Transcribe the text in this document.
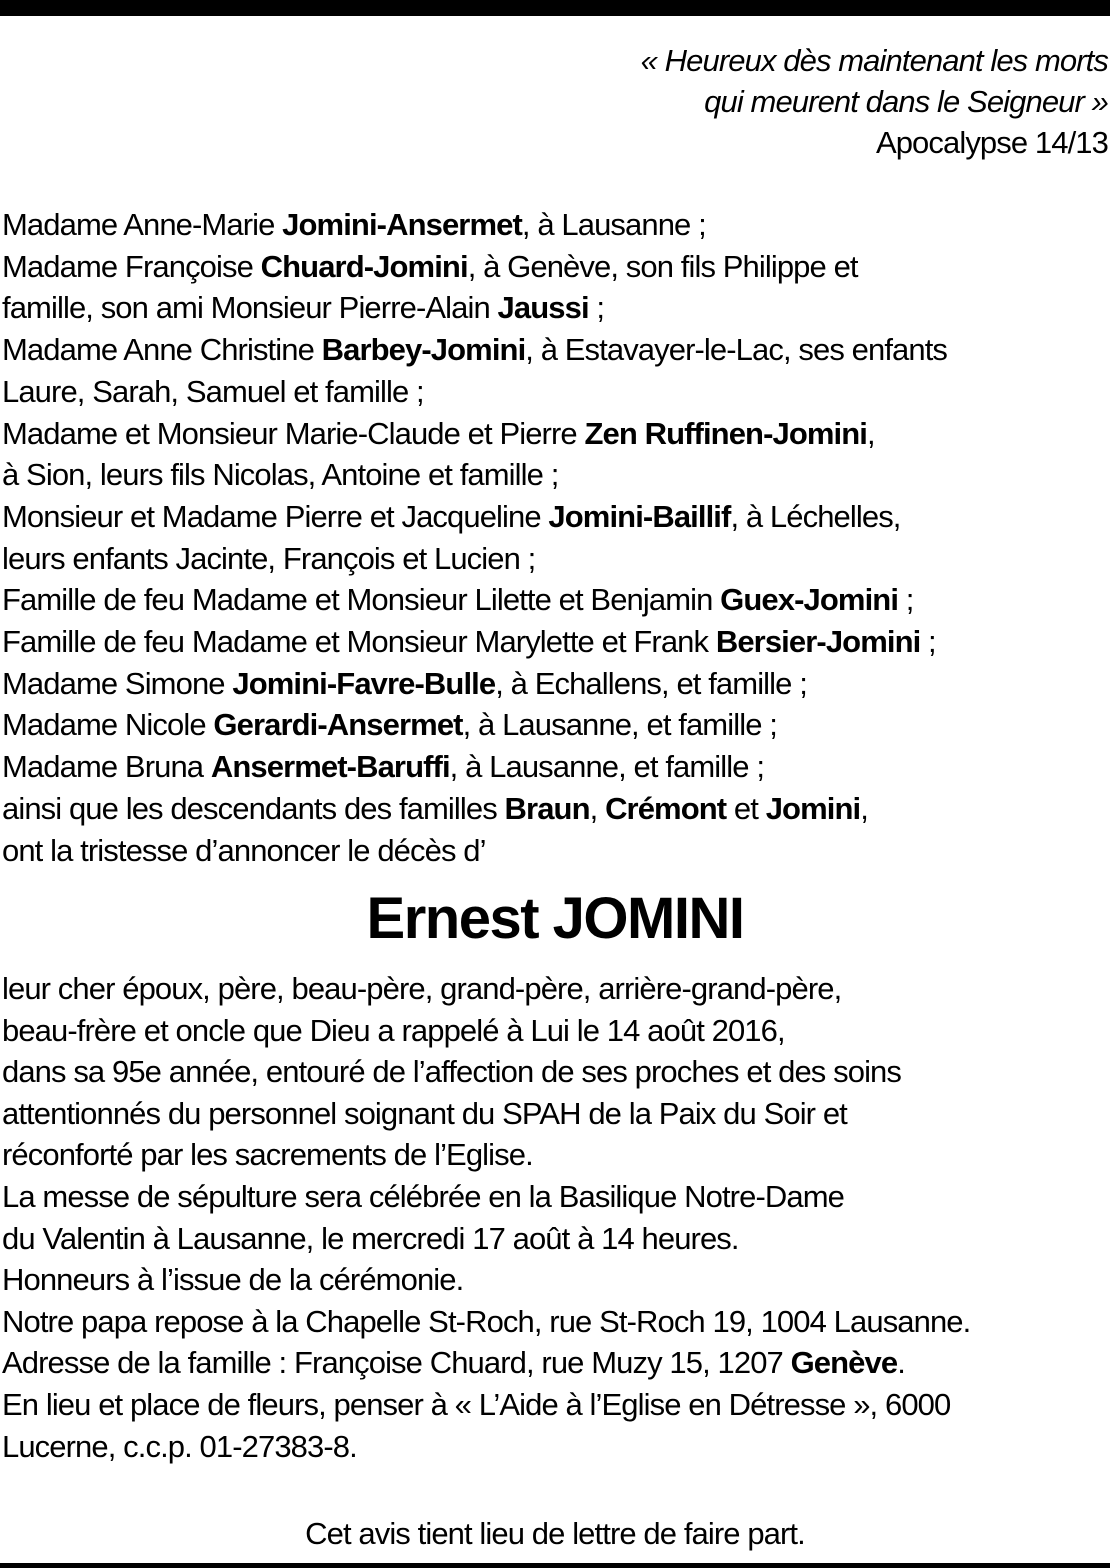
« Heureux dès maintenant les morts
qui meurent dans le Seigneur »
Apocalypse 14/13
Madame Anne-Marie Jomini-Ansermet, à Lausanne ;
Madame Françoise Chuard-Jomini, à Genève, son fils Philippe et
famille, son ami Monsieur Pierre-Alain Jaussi ;
Madame Anne Christine Barbey-Jomini, à Estavayer-le-Lac, ses enfants
Laure, Sarah, Samuel et famille ;
Madame et Monsieur Marie-Claude et Pierre Zen Ruffinen-Jomini,
à Sion, leurs fils Nicolas, Antoine et famille ;
Monsieur et Madame Pierre et Jacqueline Jomini-Baillif, à Léchelles,
leurs enfants Jacinte, François et Lucien ;
Famille de feu Madame et Monsieur Lilette et Benjamin Guex-Jomini ;
Famille de feu Madame et Monsieur Marylette et Frank Bersier-Jomini ;
Madame Simone Jomini-Favre-Bulle, à Echallens, et famille ;
Madame Nicole Gerardi-Ansermet, à Lausanne, et famille ;
Madame Bruna Ansermet-Baruffi, à Lausanne, et famille ;
ainsi que les descendants des familles Braun, Crémont et Jomini,
ont la tristesse d’annoncer le décès d’
Ernest JOMINI
leur cher époux, père, beau-père, grand-père, arrière-grand-père,
beau-frère et oncle que Dieu a rappelé à Lui le 14 août 2016,
dans sa 95e année, entouré de l’affection de ses proches et des soins
attentionnés du personnel soignant du SPAH de la Paix du Soir et
réconforté par les sacrements de l’Eglise.
La messe de sépulture sera célébrée en la Basilique Notre-Dame
du Valentin à Lausanne, le mercredi 17 août à 14 heures.
Honneurs à l’issue de la cérémonie.
Notre papa repose à la Chapelle St-Roch, rue St-Roch 19, 1004 Lausanne.
Adresse de la famille : Françoise Chuard, rue Muzy 15, 1207 Genève.
En lieu et place de fleurs, penser à « L’Aide à l’Eglise en Détresse », 6000
Lucerne, c.c.p. 01-27383-8.
Cet avis tient lieu de lettre de faire part.
